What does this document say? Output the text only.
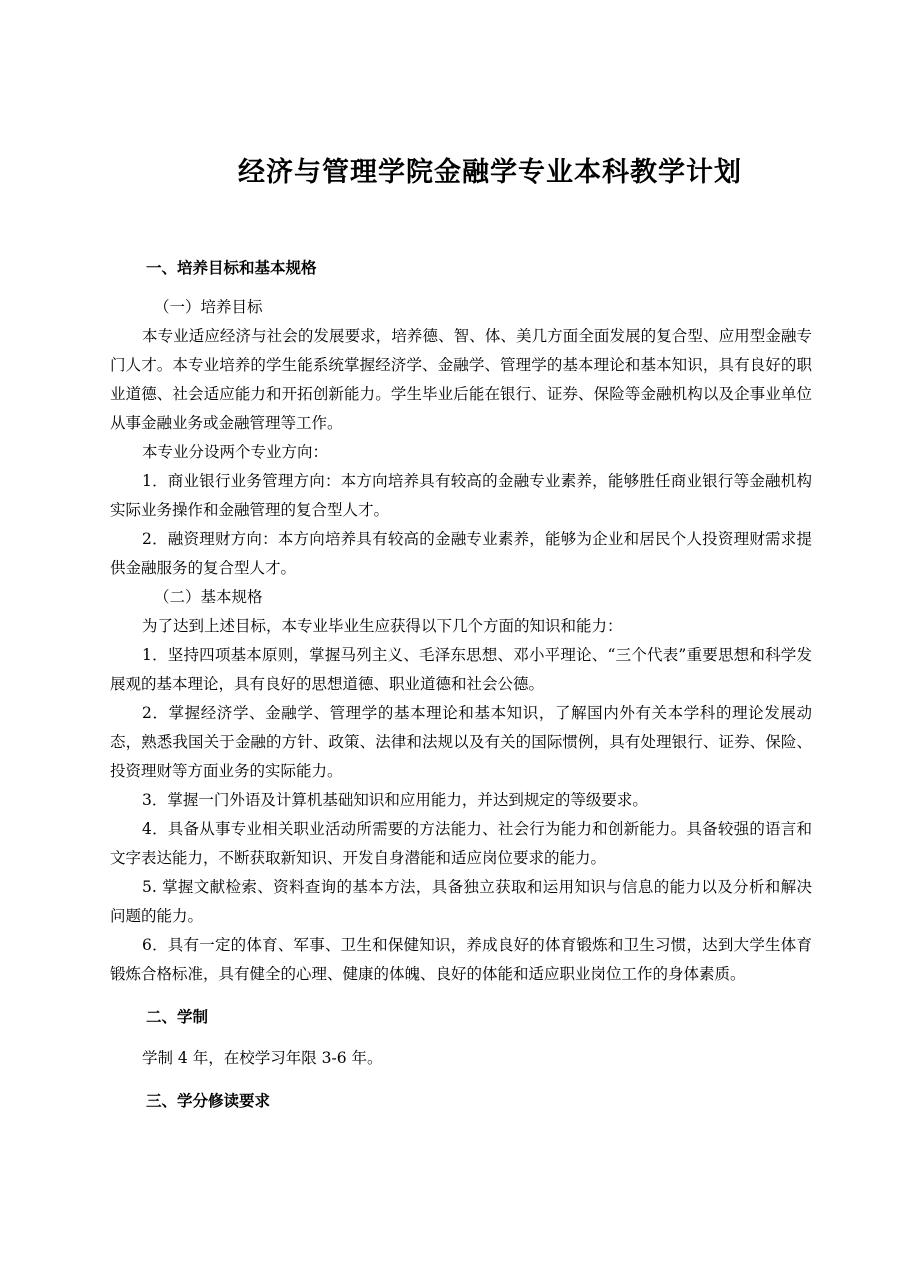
经济与管理学院金融学专业本科教学计划
一、培养目标和基本规格
（一）培养目标

本专业适应经济与社会的发展要求，培养德、智、体、美几方面全面发展的复合型、应用型金融专门人才。本专业培养的学生能系统掌握经济学、金融学、管理学的基本理论和基本知识，具有良好的职业道德、社会适应能力和开拓创新能力。学生毕业后能在银行、证券、保险等金融机构以及企事业单位从事金融业务或金融管理等工作。

本专业分设两个专业方向：

1．商业银行业务管理方向：本方向培养具有较高的金融专业素养，能够胜任商业银行等金融机构实际业务操作和金融管理的复合型人才。

2．融资理财方向：本方向培养具有较高的金融专业素养，能够为企业和居民个人投资理财需求提供金融服务的复合型人才。

（二）基本规格

为了达到上述目标，本专业毕业生应获得以下几个方面的知识和能力：

1．坚持四项基本原则，掌握马列主义、毛泽东思想、邓小平理论、“三个代表”重要思想和科学发展观的基本理论，具有良好的思想道德、职业道德和社会公德。

2．掌握经济学、金融学、管理学的基本理论和基本知识，了解国内外有关本学科的理论发展动态，熟悉我国关于金融的方针、政策、法律和法规以及有关的国际惯例，具有处理银行、证券、保险、投资理财等方面业务的实际能力。

3．掌握一门外语及计算机基础知识和应用能力，并达到规定的等级要求。

4．具备从事专业相关职业活动所需要的方法能力、社会行为能力和创新能力。具备较强的语言和文字表达能力，不断获取新知识、开发自身潜能和适应岗位要求的能力。

5. 掌握文献检索、资料查询的基本方法，具备独立获取和运用知识与信息的能力以及分析和解决问题的能力。

6．具有一定的体育、军事、卫生和保健知识，养成良好的体育锻炼和卫生习惯，达到大学生体育锻炼合格标准，具有健全的心理、健康的体魄、良好的体能和适应职业岗位工作的身体素质。

二、学制

学制 4 年，在校学习年限 3-6 年。

三、学分修读要求
